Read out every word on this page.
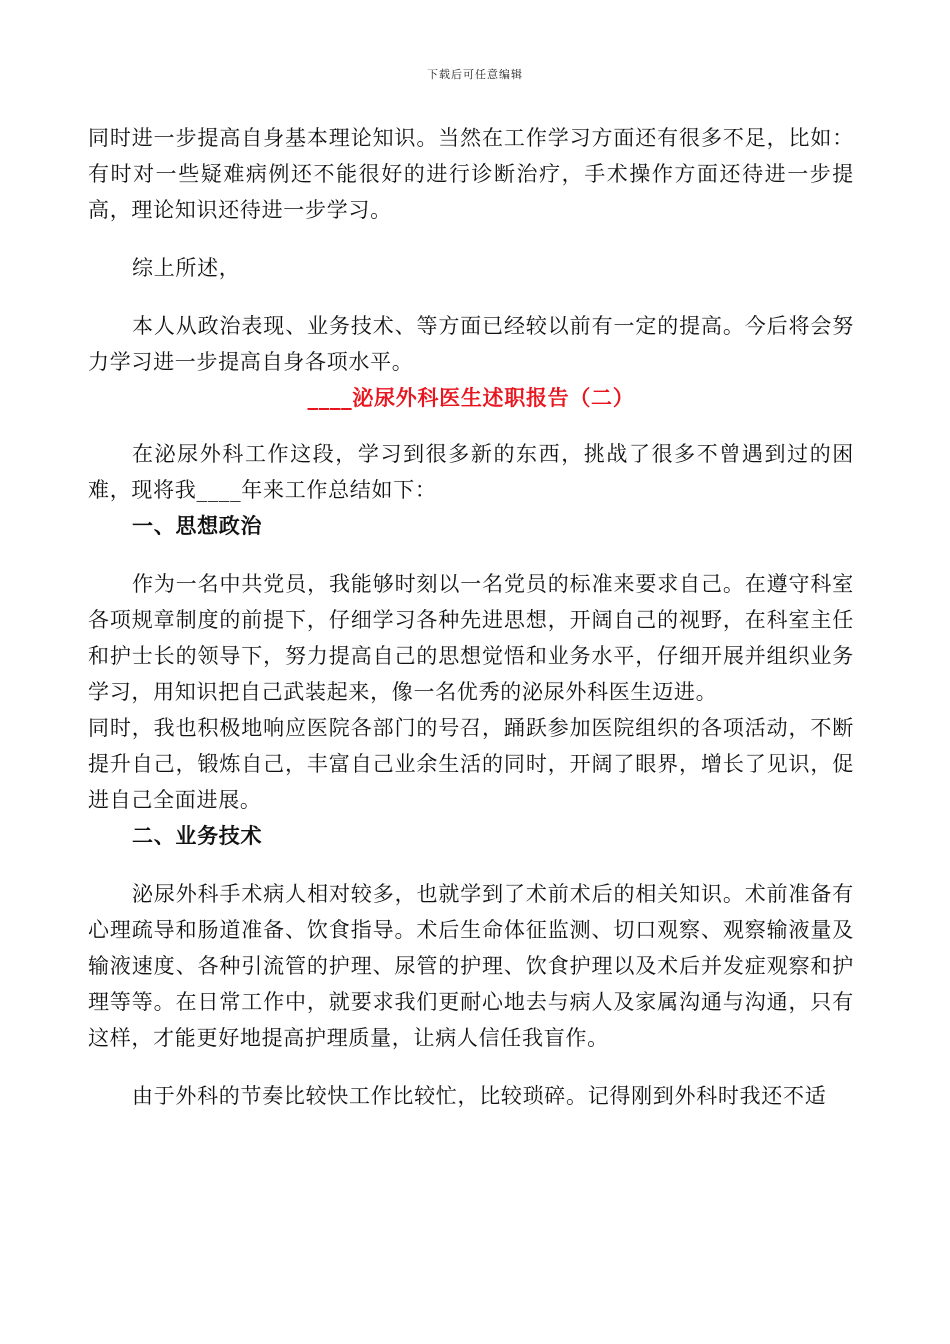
下载后可任意编辑

同时进一步提高自身基本理论知识。当然在工作学习方面还有很多不足，比如：有时对一些疑难病例还不能很好的进行诊断治疗，手术操作方面还待进一步提高，理论知识还待进一步学习。

综上所述，

本人从政治表现、业务技术、等方面已经较以前有一定的提高。今后将会努力学习进一步提高自身各项水平。

____泌尿外科医生述职报告（二）

在泌尿外科工作这段，学习到很多新的东西，挑战了很多不曾遇到过的困难，现将我____年来工作总结如下：

一、思想政治

作为一名中共党员，我能够时刻以一名党员的标准来要求自己。在遵守科室各项规章制度的前提下，仔细学习各种先进思想，开阔自己的视野，在科室主任和护士长的领导下，努力提高自己的思想觉悟和业务水平，仔细开展并组织业务学习，用知识把自己武装起来，像一名优秀的泌尿外科医生迈进。

同时，我也积极地响应医院各部门的号召，踊跃参加医院组织的各项活动，不断提升自己，锻炼自己，丰富自己业余生活的同时，开阔了眼界，增长了见识，促进自己全面进展。

二、业务技术

泌尿外科手术病人相对较多，也就学到了术前术后的相关知识。术前准备有心理疏导和肠道准备、饮食指导。术后生命体征监测、切口观察、观察输液量及输液速度、各种引流管的护理、尿管的护理、饮食护理以及术后并发症观察和护理等等。在日常工作中，就要求我们更耐心地去与病人及家属沟通与沟通，只有这样，才能更好地提高护理质量，让病人信任我盲作。

由于外科的节奏比较快工作比较忙，比较琐碎。记得刚到外科时我还不适
